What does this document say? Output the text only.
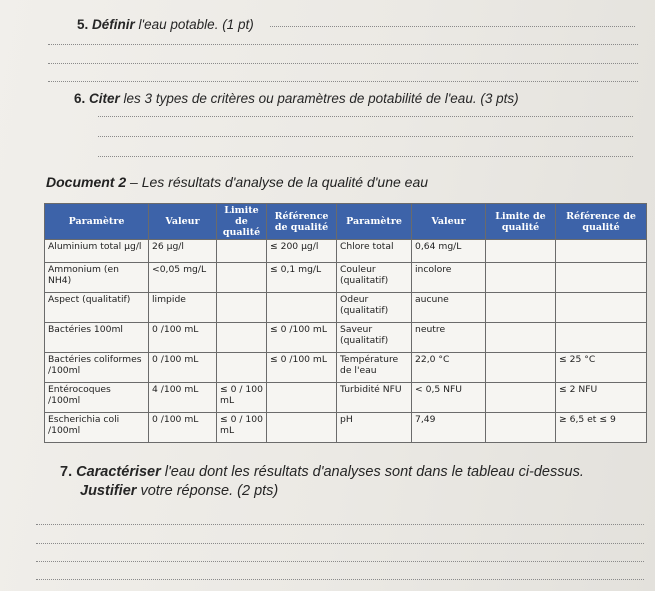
5. Définir l'eau potable. (1 pt)
6. Citer les 3 types de critères ou paramètres de potabilité de l'eau. (3 pts)
Document 2 – Les résultats d'analyse de la qualité d'une eau
Paramètre	Valeur	Limite de qualité	Référence de qualité	Paramètre	Valeur	Limite de qualité	Référence de qualité
Aluminium total µg/l	26 µg/l		≤ 200 µg/l	Chlore total	0,64 mg/L		
Ammonium (en NH4)	<0,05 mg/L		≤ 0,1 mg/L	Couleur (qualitatif)	incolore		
Aspect (qualitatif)	limpide			Odeur (qualitatif)	aucune		
Bactéries 100ml	0 /100 mL		≤ 0 /100 mL	Saveur (qualitatif)	neutre		
Bactéries coliformes /100ml	0 /100 mL		≤ 0 /100 mL	Température de l'eau	22,0 °C		≤ 25 °C
Entérocoques /100ml	4 /100 mL	≤ 0 / 100 mL		Turbidité NFU	< 0,5 NFU		≤ 2 NFU
Escherichia coli /100ml	0 /100 mL	≤ 0 / 100 mL		pH	7,49		≥ 6,5 et ≤ 9
7. Caractériser l'eau dont les résultats d'analyses sont dans le tableau ci-dessus.
Justifier votre réponse. (2 pts)
